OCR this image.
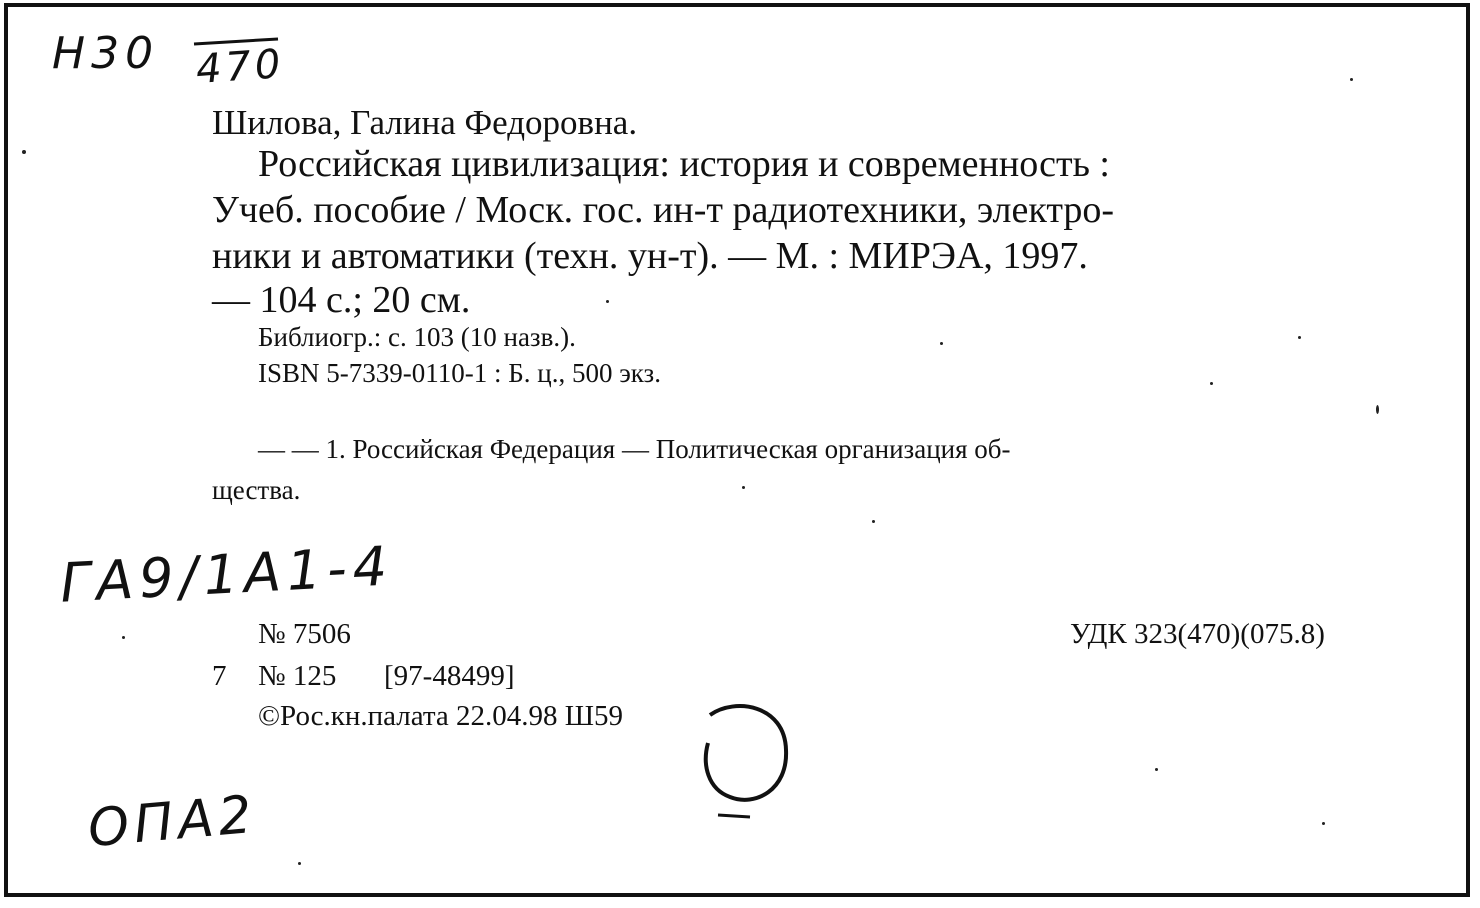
Н30 470
Шилова, Галина Федоровна.
Российская цивилизация: история и современность :
Учеб. пособие / Моск. гос. ин-т радиотехники, электро-
ники и автоматики (техн. ун-т). — М. : МИРЭА, 1997.
— 104 с.; 20 см.
Библиогр.: с. 103 (10 назв.).
ISBN 5-7339-0110-1 : Б. ц., 500 экз.
— — 1. Российская Федерация — Политическая организация об-
щества.
ГА9/1А1-4
№ 7506	УДК 323(470)(075.8)
7 № 125 [97-48499]
©Рос.кн.палата 22.04.98 Ш59
ОПА2
